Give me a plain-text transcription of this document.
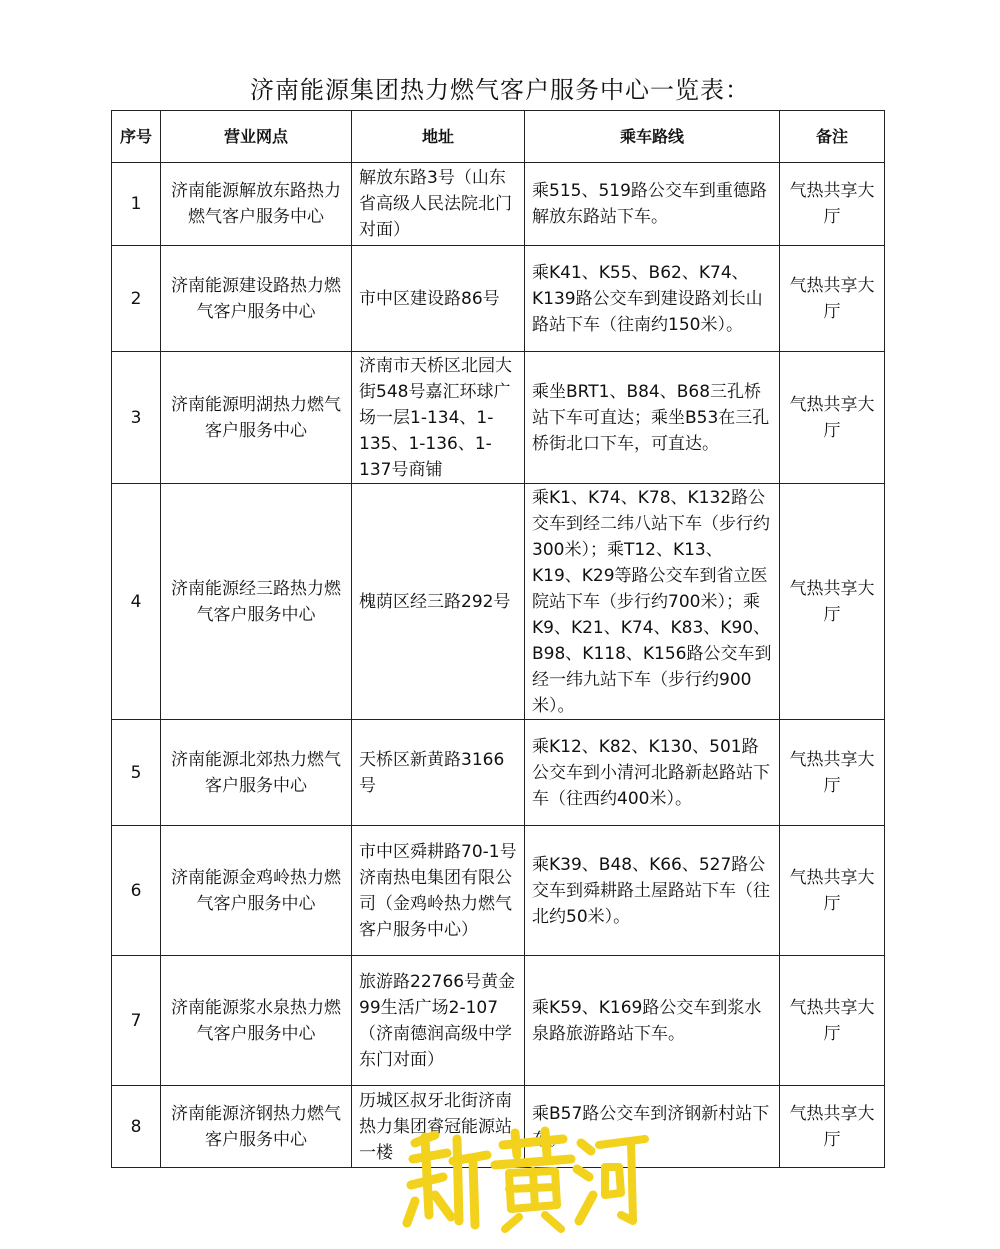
济南能源集团热力燃气客户服务中心一览表：
序号	营业网点	地址	乘车路线	备注
1	济南能源解放东路热力燃气客户服务中心	解放东路3号（山东省高级人民法院北门对面）	乘515、519路公交车到重德路解放东路站下车。	气热共享大厅
2	济南能源建设路热力燃气客户服务中心	市中区建设路86号	乘K41、K55、B62、K74、K139路公交车到建设路刘长山路站下车（往南约150米）。	气热共享大厅
3	济南能源明湖热力燃气客户服务中心	济南市天桥区北园大街548号嘉汇环球广场一层1-134、1-135、1-136、1-137号商铺	乘坐BRT1、B84、B68三孔桥站下车可直达；乘坐B53在三孔桥街北口下车，可直达。	气热共享大厅
4	济南能源经三路热力燃气客户服务中心	槐荫区经三路292号	乘K1、K74、K78、K132路公交车到经二纬八站下车（步行约300米）；乘T12、K13、K19、K29等路公交车到省立医院站下车（步行约700米）；乘K9、K21、K74、K83、K90、B98、K118、K156路公交车到经一纬九站下车（步行约900米）。	气热共享大厅
5	济南能源北郊热力燃气客户服务中心	天桥区新黄路3166号	乘K12、K82、K130、501路公交车到小清河北路新赵路站下车（往西约400米）。	气热共享大厅
6	济南能源金鸡岭热力燃气客户服务中心	市中区舜耕路70-1号济南热电集团有限公司（金鸡岭热力燃气客户服务中心）	乘K39、B48、K66、527路公交车到舜耕路土屋路站下车（往北约50米）。	气热共享大厅
7	济南能源浆水泉热力燃气客户服务中心	旅游路22766号黄金99生活广场2-107（济南德润高级中学东门对面）	乘K59、K169路公交车到浆水泉路旅游路站下车。	气热共享大厅
8	济南能源济钢热力燃气客户服务中心	历城区叔牙北街济南热力集团睿冠能源站一楼	乘B57路公交车到济钢新村站下车。	气热共享大厅
